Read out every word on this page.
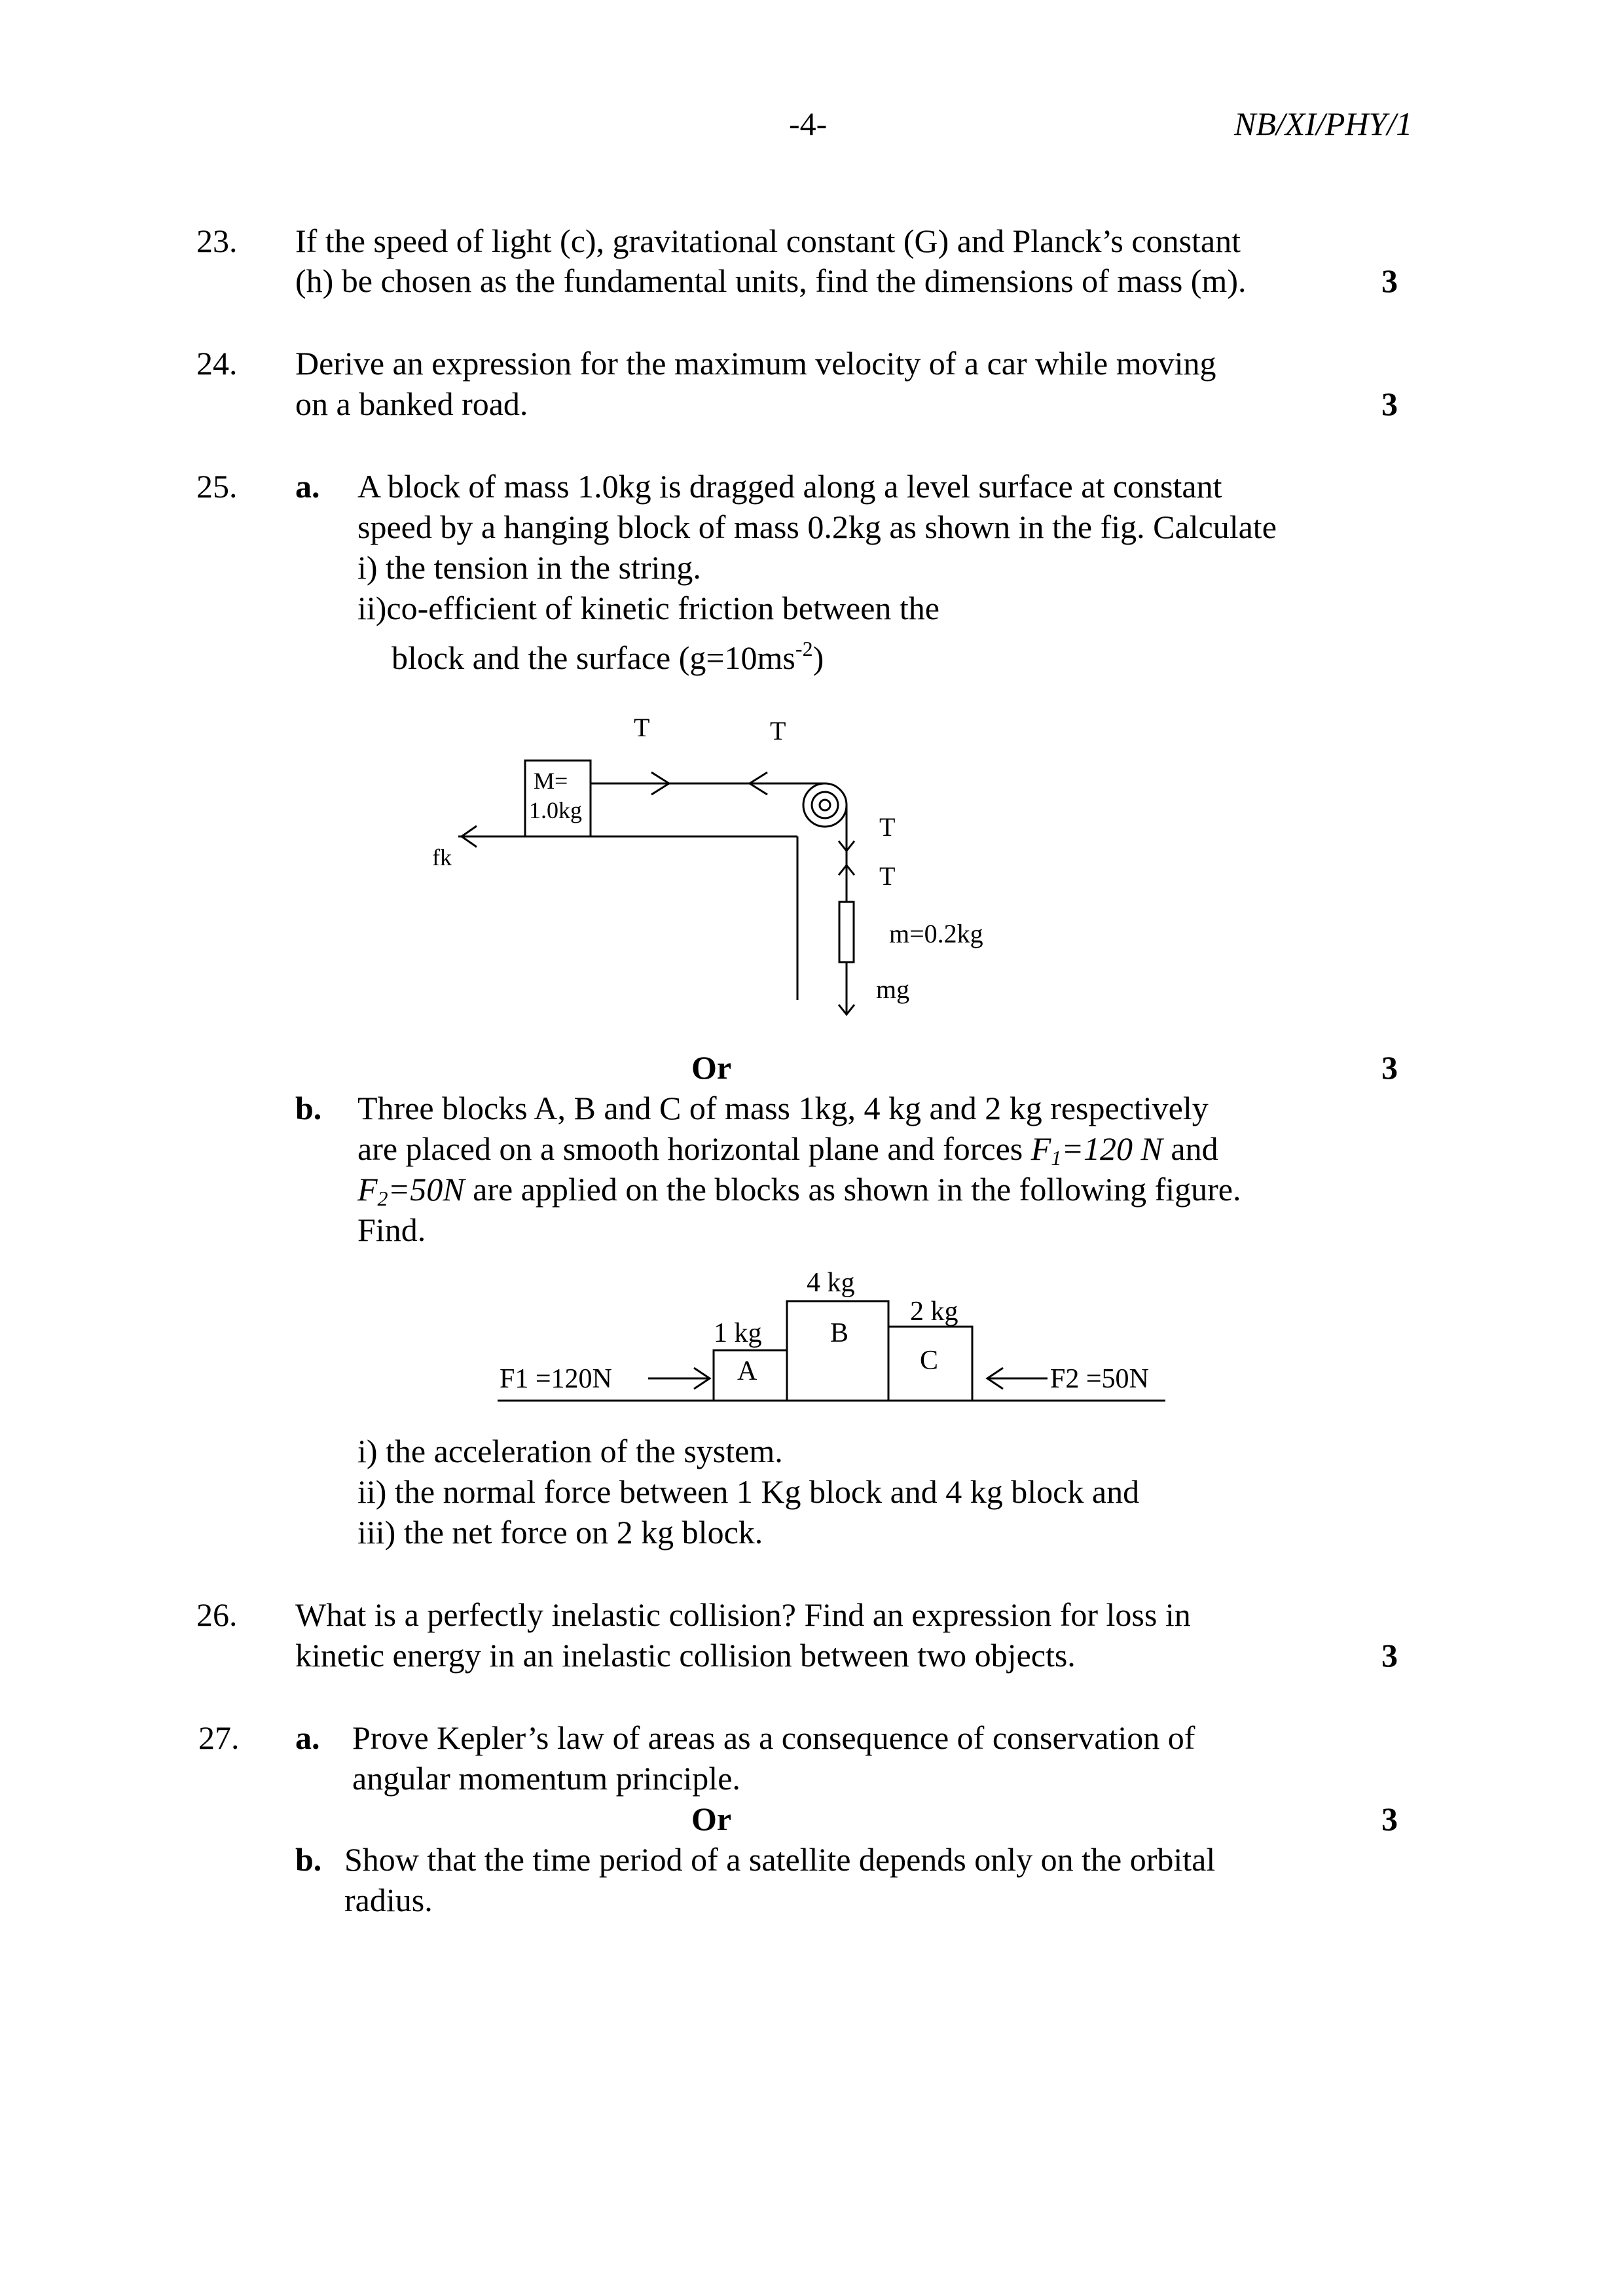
-4-	NB/XI/PHY/1
23. If the speed of light (c), gravitational constant (G) and Planck’s constant
(h) be chosen as the fundamental units, find the dimensions of mass (m).	3
24. Derive an expression for the maximum velocity of a car while moving
on a banked road.	3
25. a. A block of mass 1.0kg is dragged along a level surface at constant
speed by a hanging block of mass 0.2kg as shown in the fig. Calculate
i) the tension in the string.
ii)co-efficient of kinetic friction between the
block and the surface $(g=10ms^{-2})$
T	T
T
T
M=
1.0kg
fk
m=0.2kg
mg
Or	3
b. Three blocks A, B and C of mass 1kg, 4 kg and 2 kg respectively
are placed on a smooth horizontal plane and forces $F_1=120$ N and
$F_2=50N$ are applied on the blocks as shown in the following figure.
Find.
1 kg
A
4 kg
B
2 kg
C
F1 =120N	F2 =50N
i) the acceleration of the system.
ii) the normal force between 1 Kg block and 4 kg block and
iii) the net force on 2 kg block.
26. What is a perfectly inelastic collision? Find an expression for loss in
kinetic energy in an inelastic collision between two objects.	3
27. a. Prove Kepler’s law of areas as a consequence of conservation of
angular momentum principle.
Or	3
b. Show that the time period of a satellite depends only on the orbital
radius.
